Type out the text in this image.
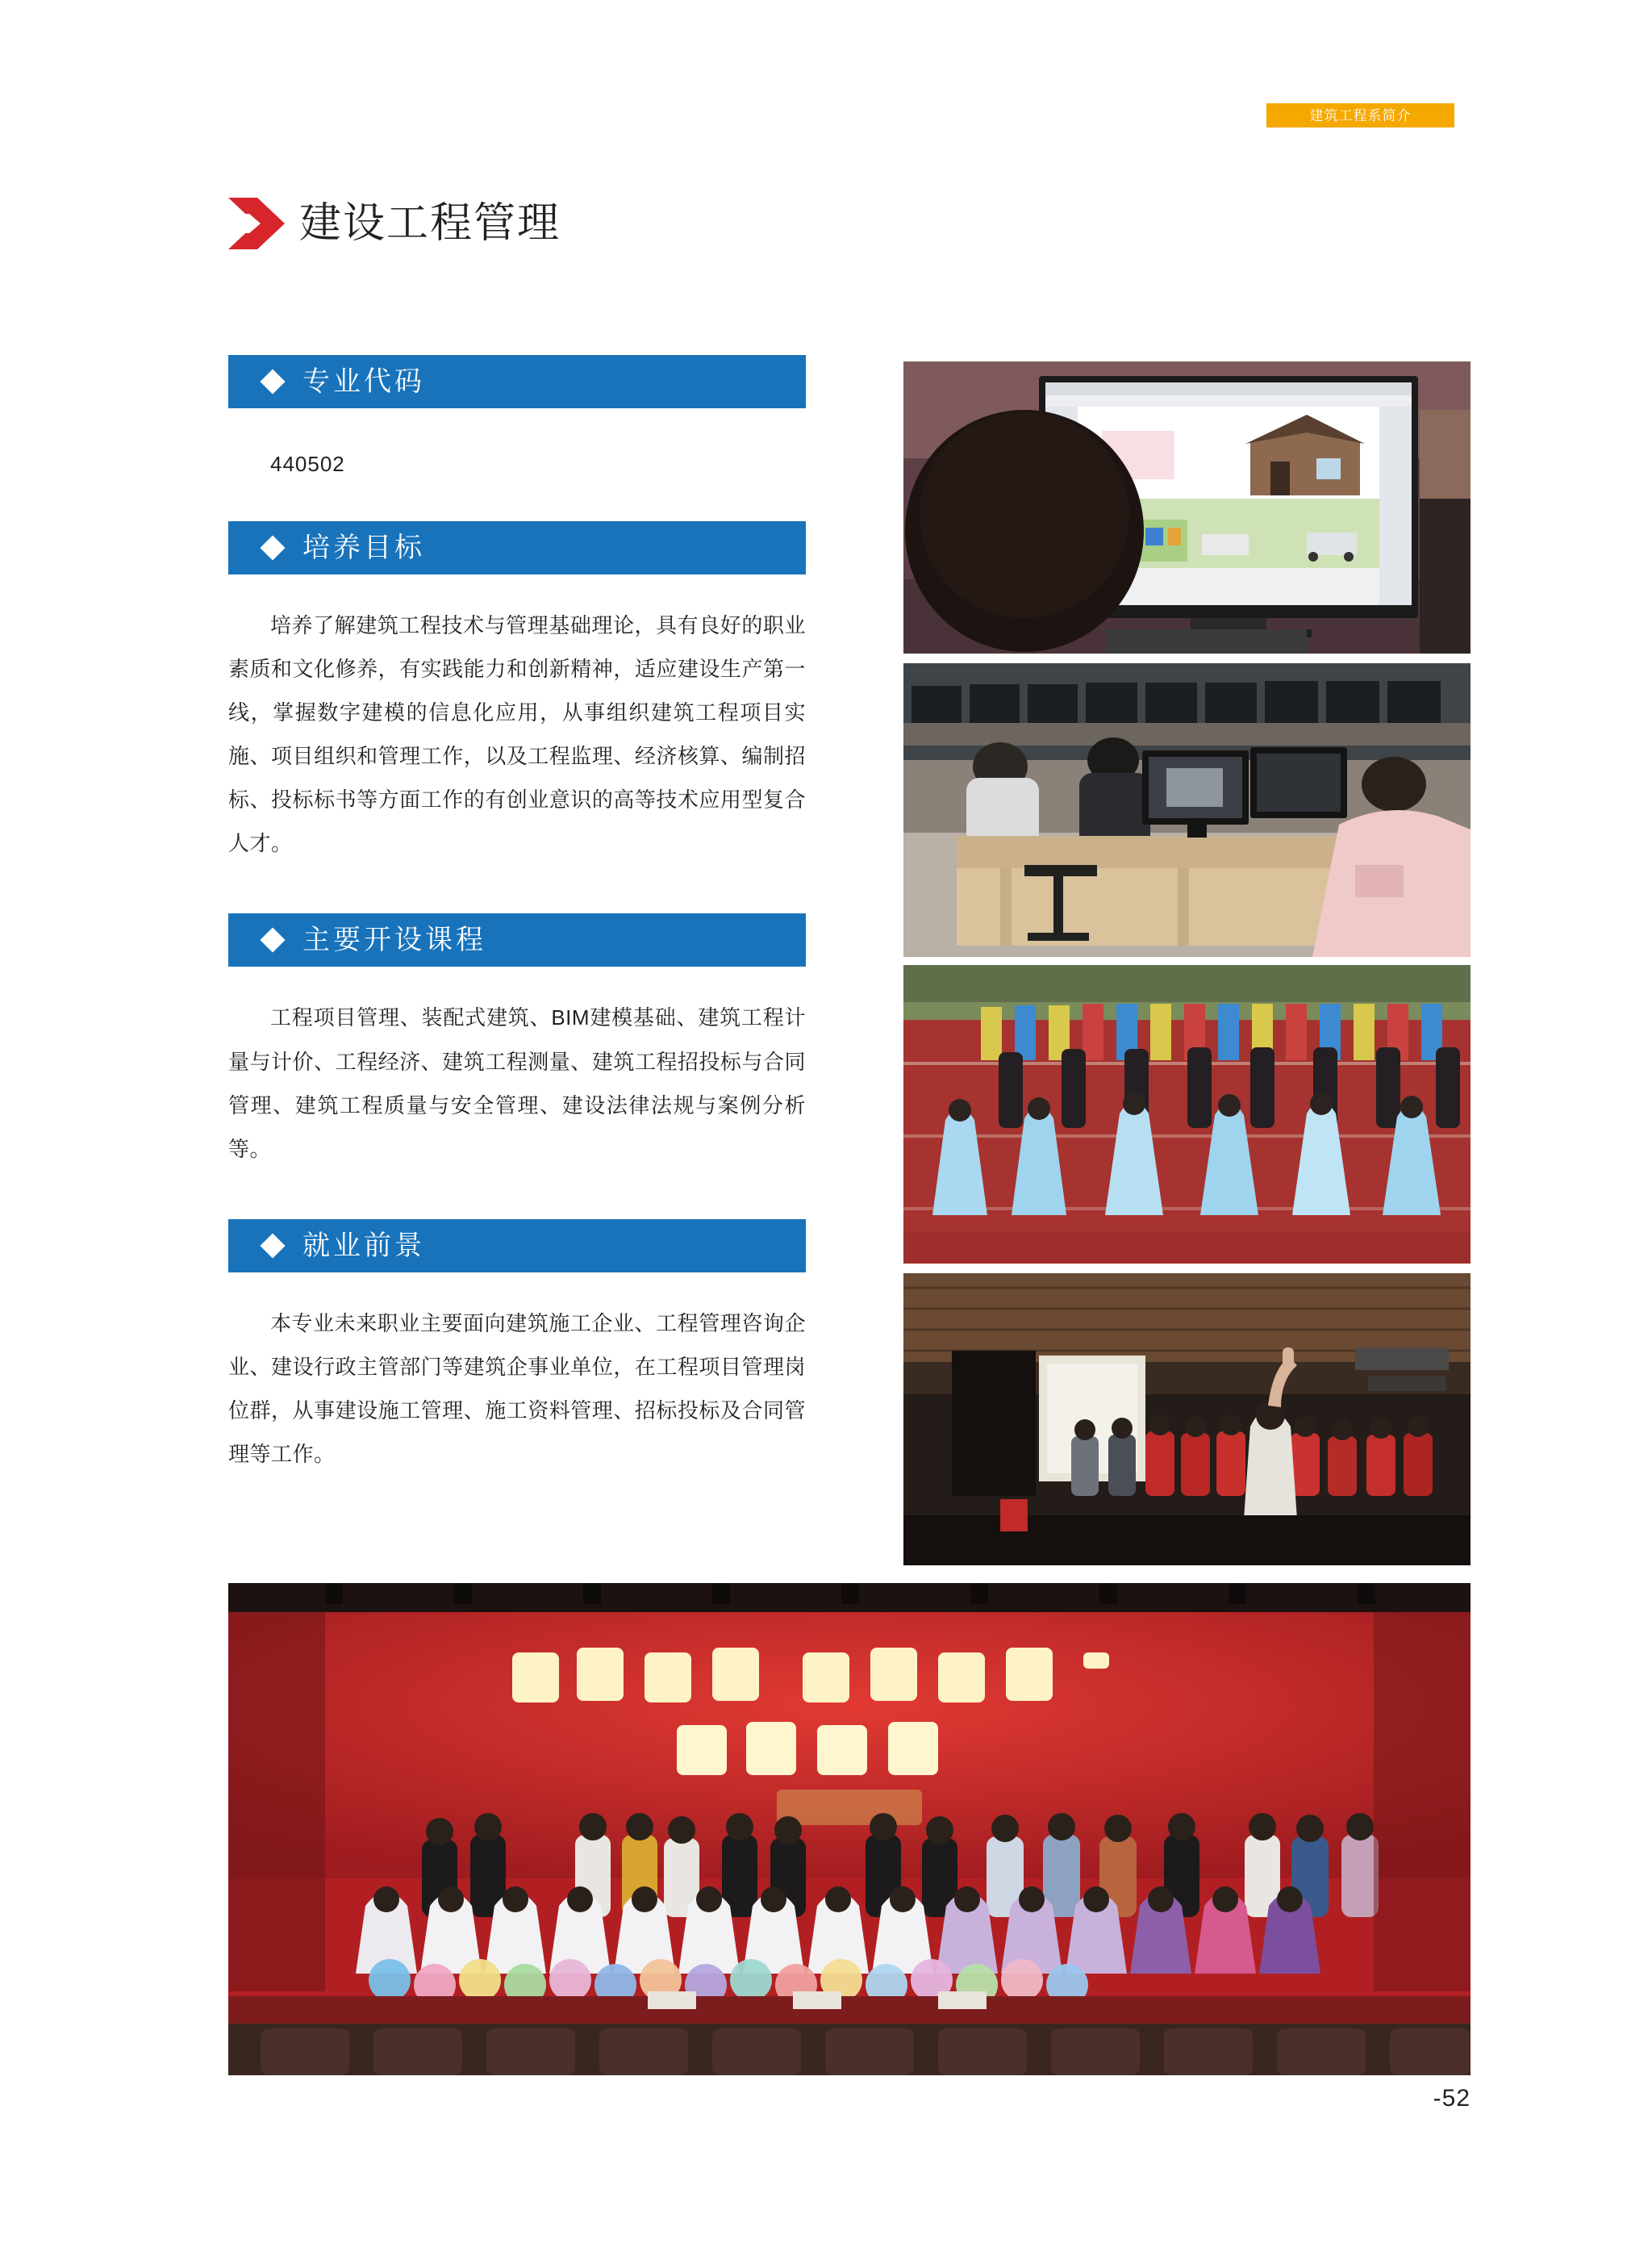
建筑工程系简介
建设工程管理
专业代码
440502
培养目标
培养了解建筑工程技术与管理基础理论，具有良好的职业素质和文化修养，有实践能力和创新精神，适应建设生产第一线，掌握数字建模的信息化应用，从事组织建筑工程项目实施、项目组织和管理工作，以及工程监理、经济核算、编制招标、投标标书等方面工作的有创业意识的高等技术应用型复合人才。
主要开设课程
工程项目管理、装配式建筑、BIM建模基础、建筑工程计量与计价、工程经济、建筑工程测量、建筑工程招投标与合同管理、建筑工程质量与安全管理、建设法律法规与案例分析等。
就业前景
本专业未来职业主要面向建筑施工企业、工程管理咨询企业、建设行政主管部门等建筑企事业单位，在工程项目管理岗位群，从事建设施工管理、施工资料管理、招标投标及合同管理等工作。
-52
